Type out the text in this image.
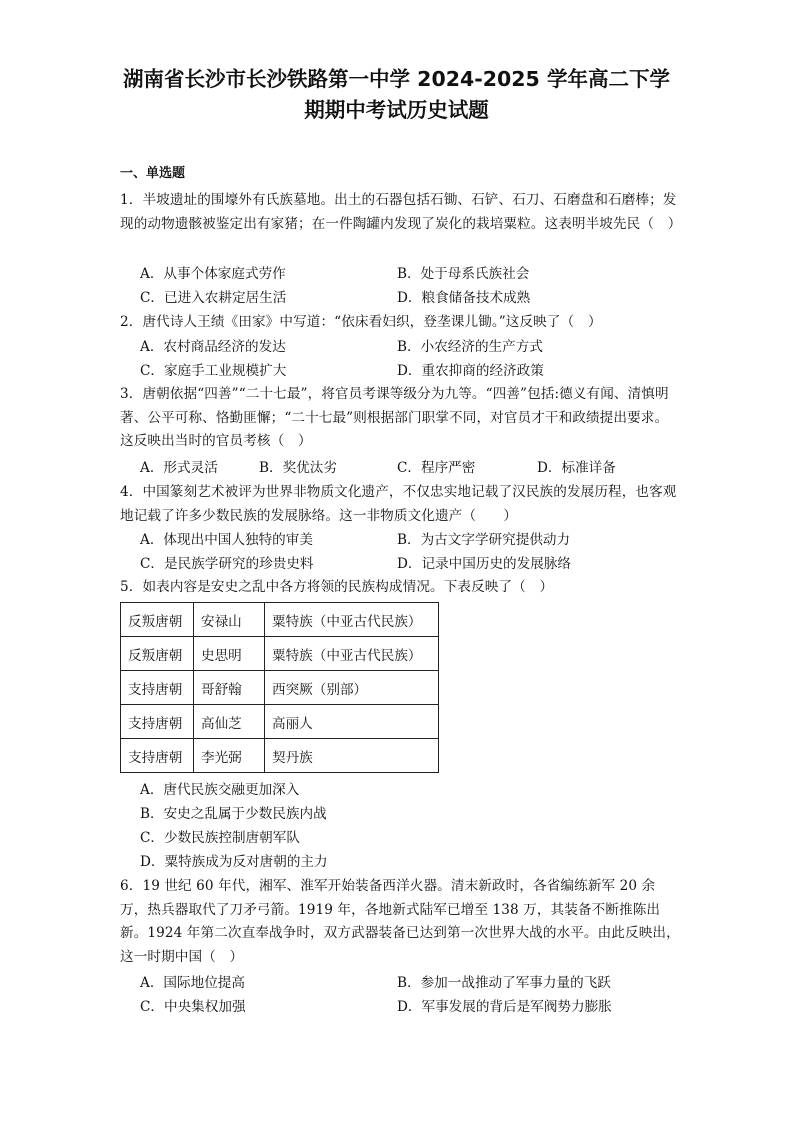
湖南省长沙市长沙铁路第一中学 2024-2025 学年高二下学
期期中考试历史试题
一、单选题
1．半坡遗址的围壕外有氏族墓地。出土的石器包括石锄、石铲、石刀、石磨盘和石磨棒；发现的动物遗骸被鉴定出有家猪；在一件陶罐内发现了炭化的栽培粟粒。这表明半坡先民（　）
A．从事个体家庭式劳作	B．处于母系氏族社会
C．已进入农耕定居生活	D．粮食储备技术成熟
2．唐代诗人王绩《田家》中写道：“依床看妇织，登垄课儿锄。”这反映了（　）
A．农村商品经济的发达	B．小农经济的生产方式
C．家庭手工业规模扩大	D．重农抑商的经济政策
3．唐朝依据“四善”“二十七最”，将官员考课等级分为九等。“四善”包括:德义有闻、清慎明著、公平可称、恪勤匪懈；“二十七最”则根据部门职掌不同，对官员才干和政绩提出要求。这反映出当时的官员考核（　）
A．形式灵活	B．奖优汰劣	C．程序严密	D．标准详备
4．中国篆刻艺术被评为世界非物质文化遗产，不仅忠实地记载了汉民族的发展历程，也客观地记载了许多少数民族的发展脉络。这一非物质文化遗产（　　）
A．体现出中国人独特的审美	B．为古文字学研究提供动力
C．是民族学研究的珍贵史料	D．记录中国历史的发展脉络
5．如表内容是安史之乱中各方将领的民族构成情况。下表反映了（　）
反叛唐朝	安禄山	粟特族（中亚古代民族）
反叛唐朝	史思明	粟特族（中亚古代民族）
支持唐朝	哥舒翰	西突厥（别部）
支持唐朝	高仙芝	高丽人
支持唐朝	李光弼	契丹族
A．唐代民族交融更加深入
B．安史之乱属于少数民族内战
C．少数民族控制唐朝军队
D．粟特族成为反对唐朝的主力
6．19 世纪 60 年代，湘军、淮军开始装备西洋火器。清末新政时，各省编练新军 20 余万，热兵器取代了刀矛弓箭。1919 年，各地新式陆军已增至 138 万，其装备不断推陈出新。1924 年第二次直奉战争时，双方武器装备已达到第一次世界大战的水平。由此反映出，这一时期中国（　）
A．国际地位提高	B．参加一战推动了军事力量的飞跃
C．中央集权加强	D．军事发展的背后是军阀势力膨胀
